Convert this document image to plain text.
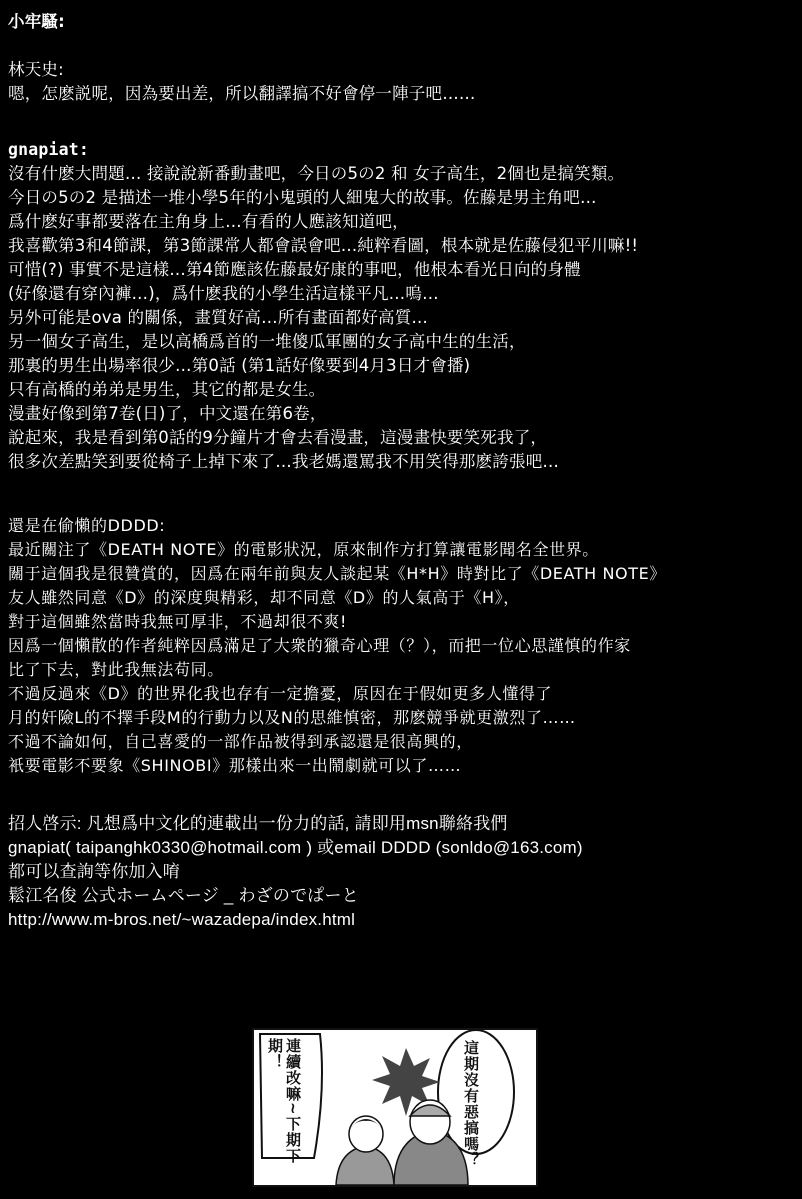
小牢騷:
林天史:
嗯，怎麽説呢，因為要出差，所以翻譯搞不好會停一陣子吧……
gnapiat:
沒有什麽大問題… 接說說新番動畫吧，今日の5の2 和 女子高生，2個也是搞笑類。
今日の5の2 是描述一堆小學5年的小鬼頭的人細鬼大的故事。佐藤是男主角吧…
爲什麽好事都要落在主角身上…有看的人應該知道吧，
我喜歡第3和4節課，第3節課常人都會誤會吧…純粹看圖，根本就是佐藤侵犯平川嘛!!
可惜(?) 事實不是這樣…第4節應該佐藤最好康的事吧，他根本看光日向的身體
(好像還有穿內褲…)，爲什麽我的小學生活這樣平凡…嗚…
另外可能是ova 的關係，畫質好高…所有畫面都好高質…
另一個女子高生，是以高橋爲首的一堆傻瓜軍團的女子高中生的生活，
那裏的男生出場率很少…第0話 (第1話好像要到4月3日才會播)
只有高橋的弟弟是男生，其它的都是女生。
漫畫好像到第7卷(日)了，中文還在第6卷，
說起來，我是看到第0話的9分鐘片才會去看漫畫，這漫畫快要笑死我了，
很多次差點笑到要從椅子上掉下來了…我老媽還罵我不用笑得那麽誇張吧…
還是在偷懶的DDDD:
最近關注了《DEATH NOTE》的電影狀況，原來制作方打算讓電影聞名全世界。
關于這個我是很贊賞的，因爲在兩年前與友人談起某《H*H》時對比了《DEATH NOTE》
友人雖然同意《D》的深度與精彩，却不同意《D》的人氣高于《H》，
對于這個雖然當時我無可厚非，不過却很不爽!
因爲一個懶散的作者純粹因爲滿足了大衆的獵奇心理（？），而把一位心思謹慎的作家
比了下去，對此我無法苟同。
不過反過來《D》的世界化我也存有一定擔憂，原因在于假如更多人懂得了
月的奸險L的不擇手段M的行動力以及N的思維慎密，那麽競爭就更激烈了……
不過不論如何，自己喜愛的一部作品被得到承認還是很高興的，
衹要電影不要象《SHINOBI》那樣出來一出鬧劇就可以了……
招人啓示: 凡想爲中文化的連載出一份力的話, 請即用msn聯絡我們
gnapiat( taipanghk0330@hotmail.com ) 或email DDDD (sonldo@163.com)
都可以查詢等你加入唷
鬆江名俊 公式ホームページ _ わざのでぱーと
http://www.m-bros.net/~wazadepa/index.html
這期沒有惡搞嗎？
連續改嘛~下期下期！
